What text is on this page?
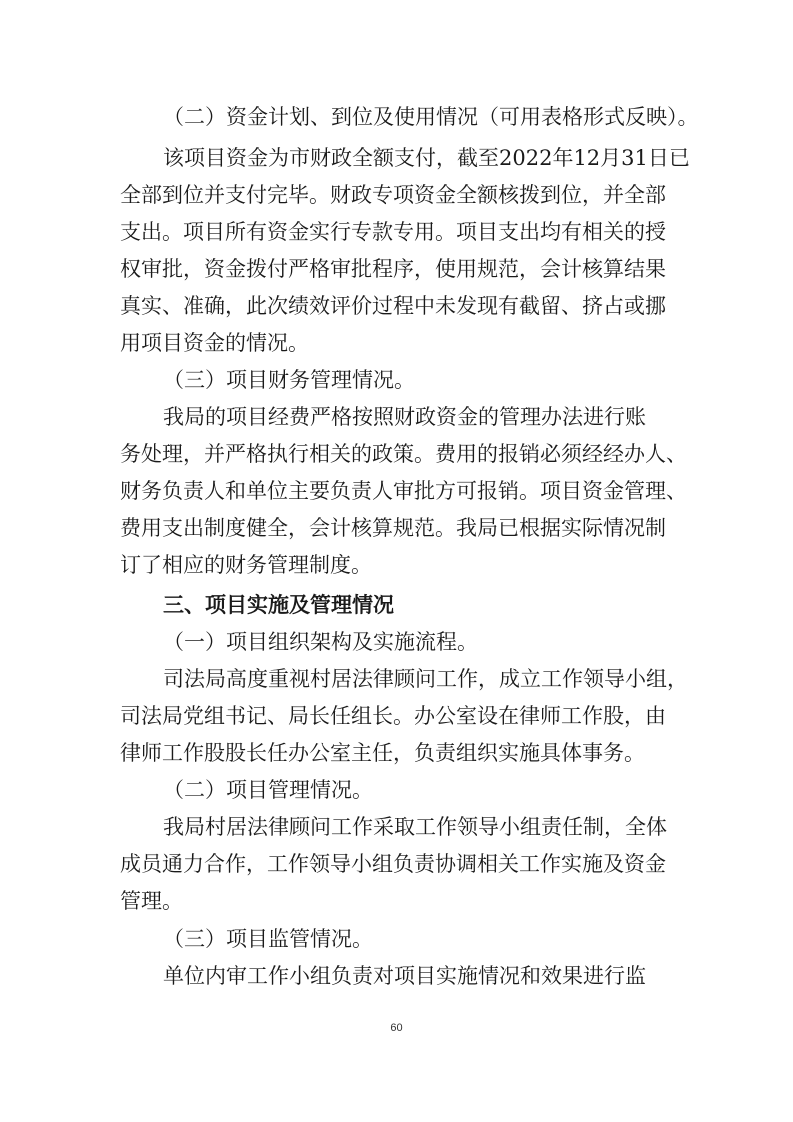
（二）资金计划、到位及使用情况（可用表格形式反映）。
该项目资金为市财政全额支付，截至2022年12月31日已
全部到位并支付完毕。财政专项资金全额核拨到位，并全部
支出。项目所有资金实行专款专用。项目支出均有相关的授
权审批，资金拨付严格审批程序，使用规范，会计核算结果
真实、准确，此次绩效评价过程中未发现有截留、挤占或挪
用项目资金的情况。
（三）项目财务管理情况。
我局的项目经费严格按照财政资金的管理办法进行账
务处理，并严格执行相关的政策。费用的报销必须经经办人、
财务负责人和单位主要负责人审批方可报销。项目资金管理、
费用支出制度健全，会计核算规范。我局已根据实际情况制
订了相应的财务管理制度。
三、项目实施及管理情况
（一）项目组织架构及实施流程。
司法局高度重视村居法律顾问工作，成立工作领导小组，
司法局党组书记、局长任组长。办公室设在律师工作股，由
律师工作股股长任办公室主任，负责组织实施具体事务。
（二）项目管理情况。
我局村居法律顾问工作采取工作领导小组责任制，全体
成员通力合作，工作领导小组负责协调相关工作实施及资金
管理。
（三）项目监管情况。
单位内审工作小组负责对项目实施情况和效果进行监
60
